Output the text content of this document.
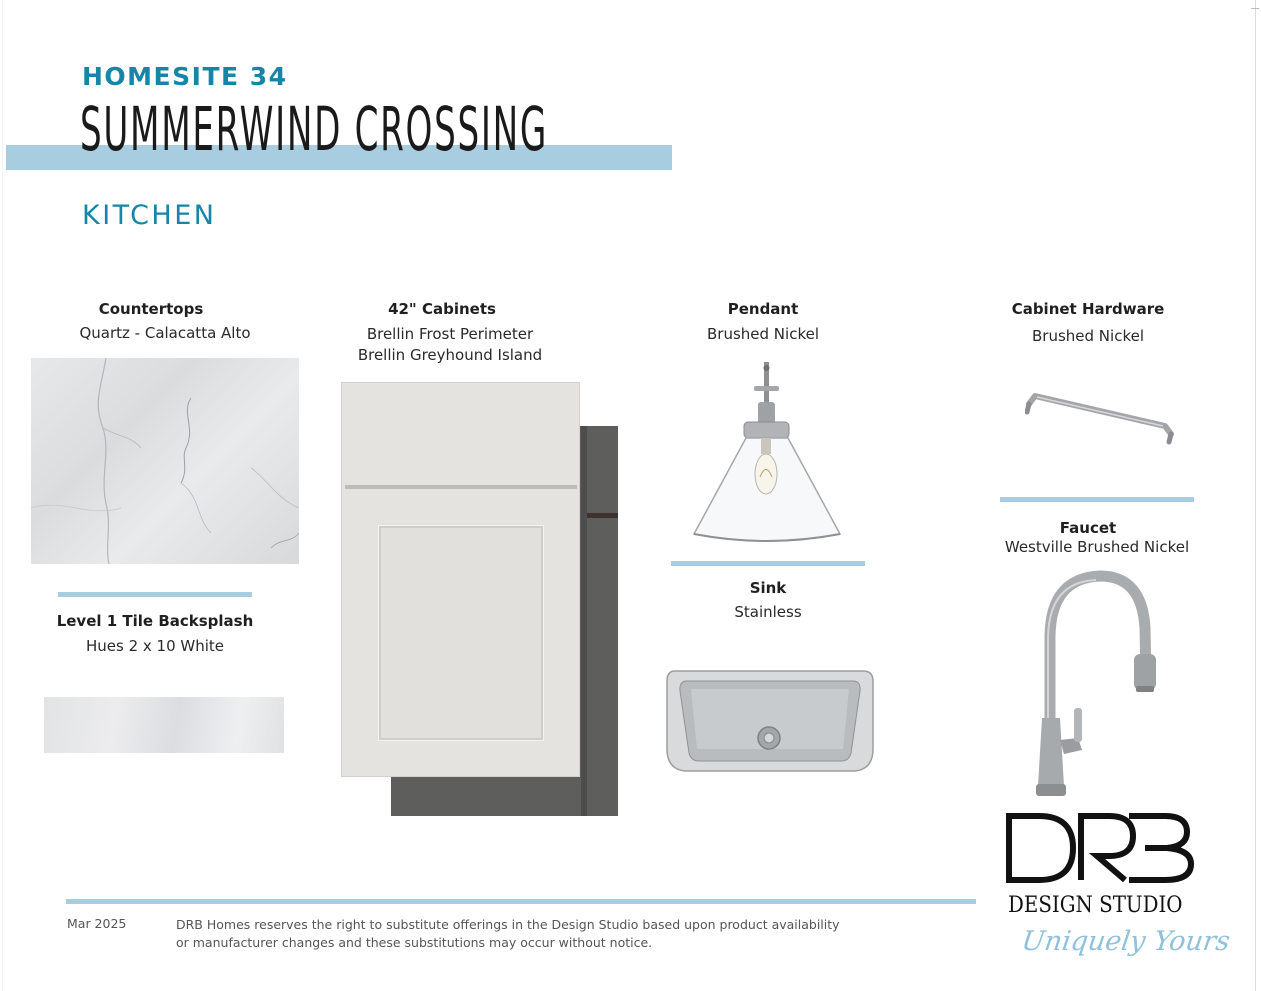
HOMESITE 34
SUMMERWIND CROSSING
KITCHEN
Countertops
Quartz - Calacatta Alto
Level 1 Tile Backsplash
Hues 2 x 10 White
42" Cabinets
Brellin Frost Perimeter
Brellin Greyhound Island
Pendant
Brushed Nickel
Sink
Stainless
Cabinet Hardware
Brushed Nickel
Faucet
Westville Brushed Nickel
Mar 2025	DRB Homes reserves the right to substitute offerings in the Design Studio based upon product availability
or manufacturer changes and these substitutions may occur without notice.
DESIGN STUDIO
Uniquely Yours
